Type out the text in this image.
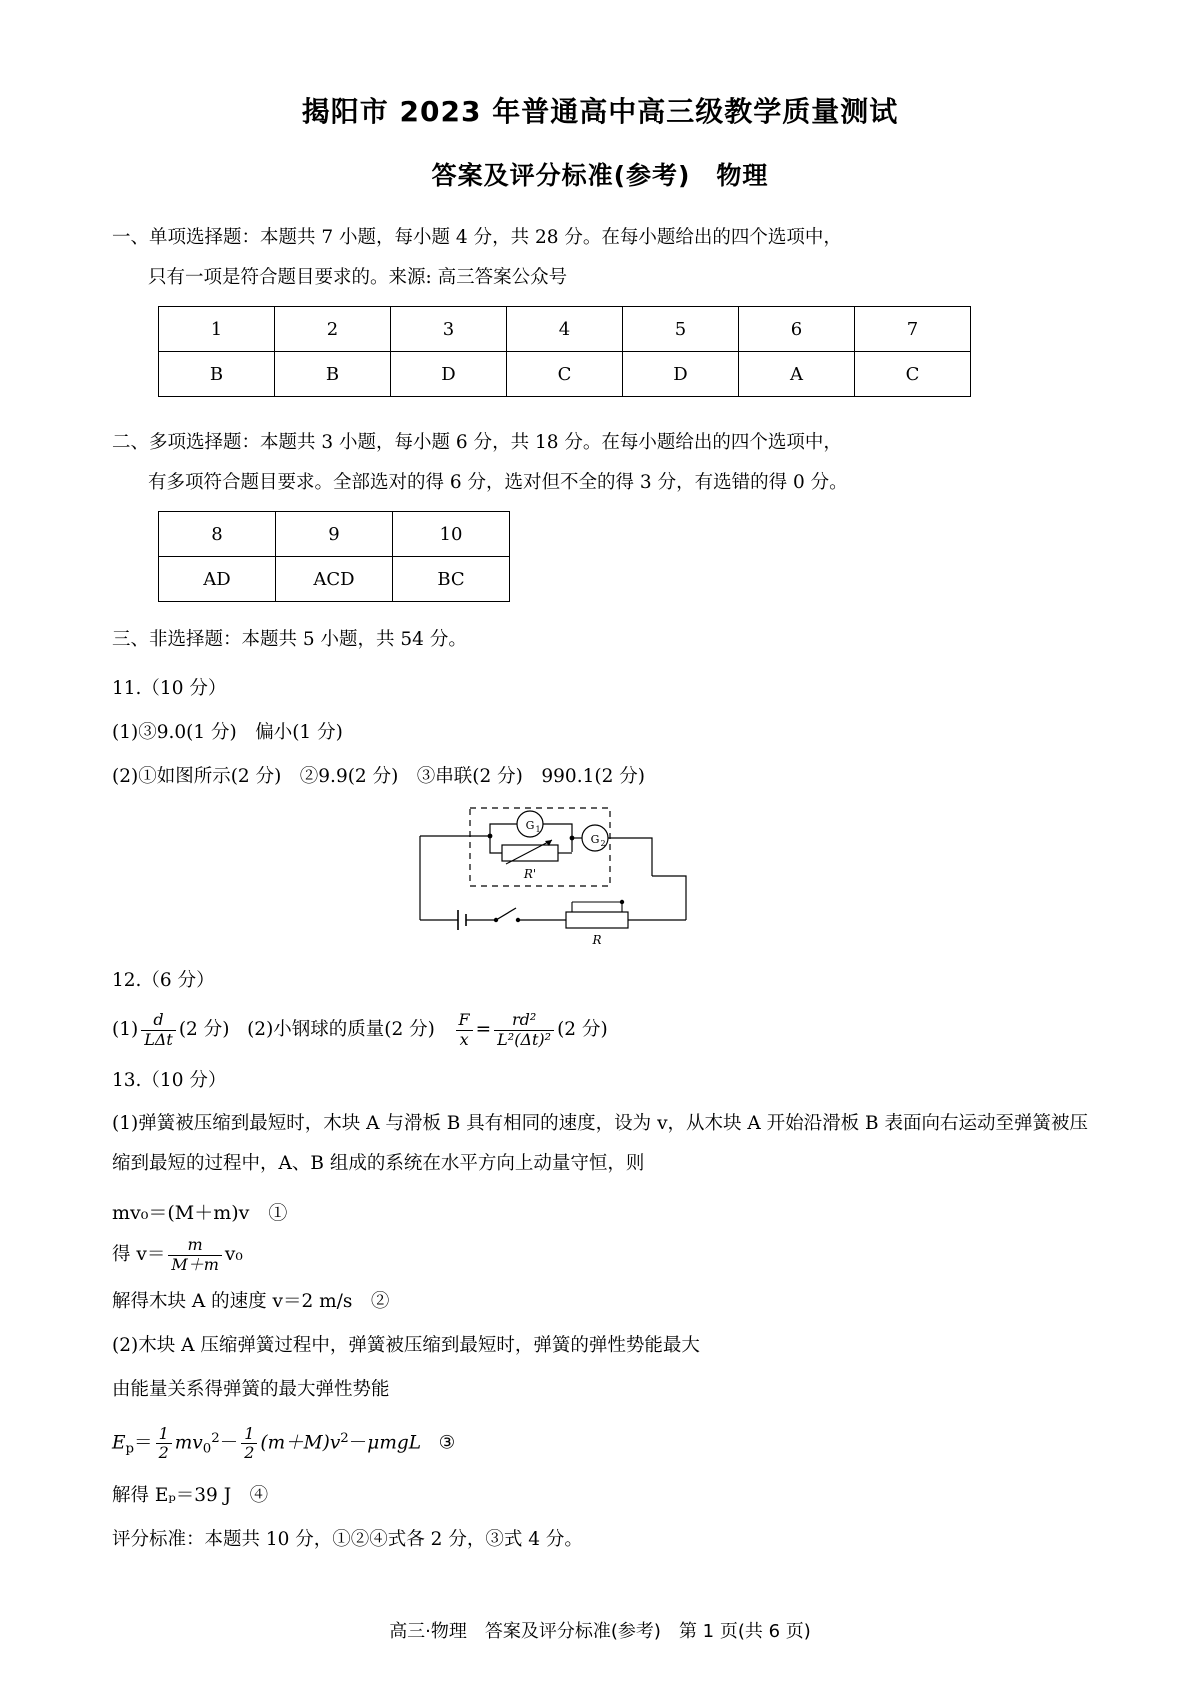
揭阳市 2023 年普通高中高三级教学质量测试
答案及评分标准(参考)　物理
一、单项选择题：本题共 7 小题，每小题 4 分，共 28 分。在每小题给出的四个选项中，
只有一项是符合题目要求的。来源: 高三答案公众号
1	2	3	4	5	6	7
B	B	D	C	D	A	C
二、多项选择题：本题共 3 小题，每小题 6 分，共 18 分。在每小题给出的四个选项中，
有多项符合题目要求。全部选对的得 6 分，选对但不全的得 3 分，有选错的得 0 分。
8	9	10
AD	ACD	BC
三、非选择题：本题共 5 小题，共 54 分。
11.（10 分）
(1)③9.0(1 分)　偏小(1 分)
(2)①如图所示(2 分)　②9.9(2 分)　③串联(2 分)　990.1(2 分)
G 1
R'
G 2
R
12.（6 分）
$(1) \frac{d}{\text{LΔt}} (2$ 分) (2)小钢球的质量(2 分) $\frac{F}{x} = \frac{\text{rd²}}{\text{L²(Δt)²}} (2$ 分)
13.（10 分）
(1)弹簧被压缩到最短时，木块 A 与滑板 B 具有相同的速度，设为 v，从木块 A 开始沿滑板 B 表面向右运动至弹簧被压缩到最短的过程中，A、B 组成的系统在水平方向上动量守恒，则
mv₀＝(M＋m)v　①
得 $v= \frac{m}{M+m} v_0$
解得木块 A 的速度 v＝2 m/s　②
(2)木块 A 压缩弹簧过程中，弹簧被压缩到最短时，弹簧的弹性势能最大
由能量关系得弹簧的最大弹性势能
$E_p= \frac{1}{2} mv_0^2- \frac{1}{2} (m+M)v^2-\mu mgL$ ③
解得 Eₚ＝39 J　④
评分标准：本题共 10 分，①②④式各 2 分，③式 4 分。
高三·物理　答案及评分标准(参考)　第 1 页(共 6 页)
